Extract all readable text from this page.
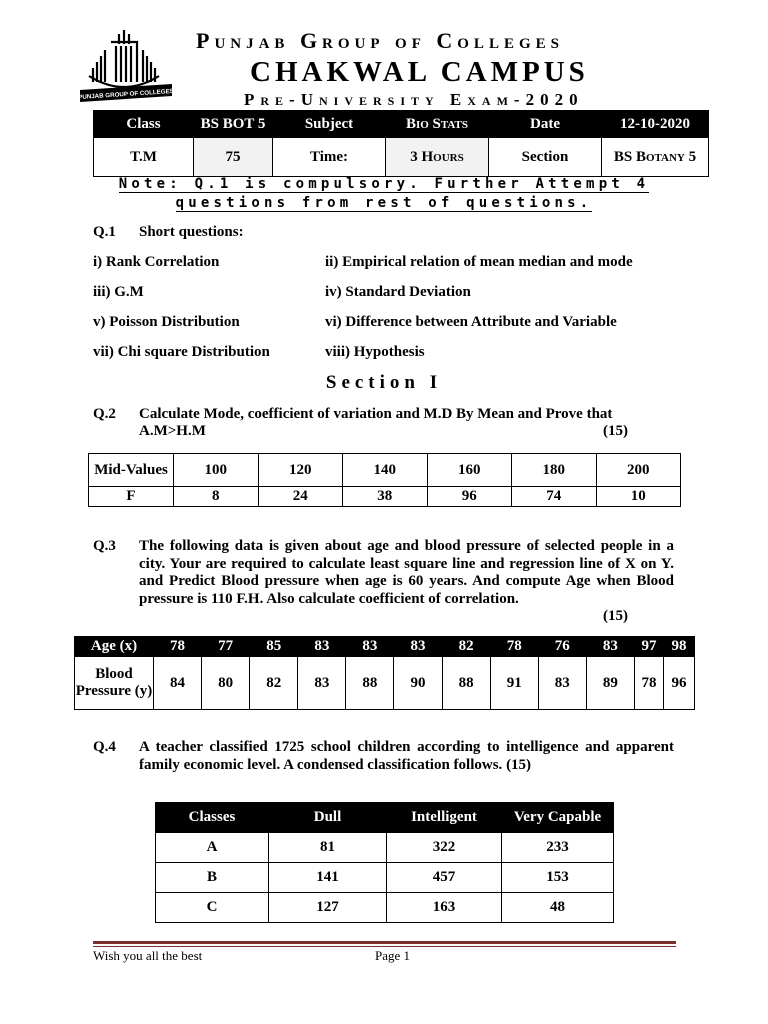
PUNJAB GROUP OF COLLEGES
Punjab Group of Colleges
CHAKWAL CAMPUS
Pre-University Exam-2020
Class	BS BOT 5	Subject	Bio Stats	Date	12-10-2020
T.M	75	Time:	3 Hours	Section	BS Botany 5
Note: Q.1 is compulsory. Further Attempt 4
questions from rest of questions.
Q.1 Short questions:
i) Rank Correlation	ii) Empirical relation of mean median and mode
iii) G.M	iv) Standard Deviation
v) Poisson Distribution	vi) Difference between Attribute and Variable
vii) Chi square Distribution	viii) Hypothesis
Section I
Q.2 Calculate Mode, coefficient of variation and M.D By Mean and Prove that
A.M>H.M	(15)
Mid-Values	100	120	140	160	180	200
F	8	24	38	96	74	10
Q.3 The following data is given about age and blood pressure of selected people in a city. Your are required to calculate least square line and regression line of X on Y. and Predict Blood pressure when age is 60 years. And compute Age when Blood pressure is 110 F.H. Also calculate coefficient of correlation.
(15)
Age (x)	78	77	85	83	83	83	82	78	76	83	97	98
Blood Pressure (y)	84	80	82	83	88	90	88	91	83	89	78	96
Q.4 A teacher classified 1725 school children according to intelligence and apparent family economic level. A condensed classification follows. (15)
Classes	Dull	Intelligent	Very Capable
A	81	322	233
B	141	457	153
C	127	163	48
Wish you all the best	Page 1
